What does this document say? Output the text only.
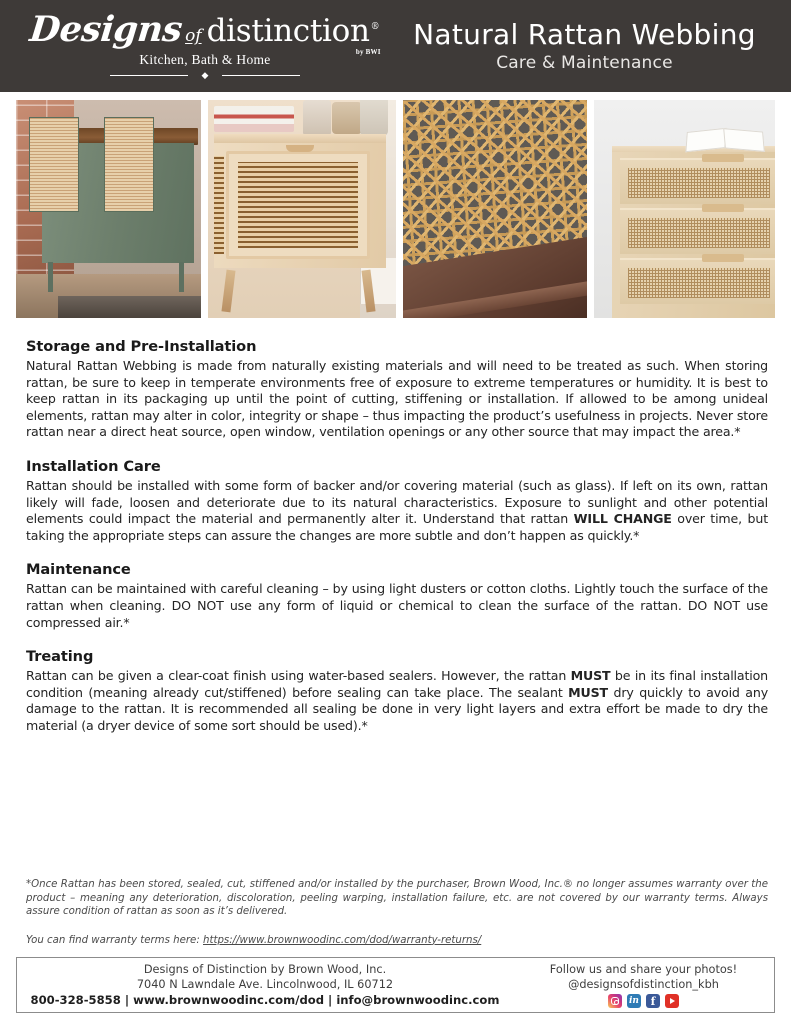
Designs of distinction ®
by BWI
Kitchen, Bath & Home
◆
Natural Rattan Webbing
Care & Maintenance
Storage and Pre-Installation
Natural Rattan Webbing is made from naturally existing materials and will need to be treated as such. When storing rattan, be sure to keep in temperate environments free of exposure to extreme temperatures or humidity. It is best to keep rattan in its packaging up until the point of cutting, stiffening or installation. If allowed to be among unideal elements, rattan may alter in color, integrity or shape – thus impacting the product’s usefulness in projects. Never store rattan near a direct heat source, open window, ventilation openings or any other source that may impact the area.*
Installation Care
Rattan should be installed with some form of backer and/or covering material (such as glass). If left on its own, rattan likely will fade, loosen and deteriorate due to its natural characteristics. Exposure to sunlight and other potential elements could impact the material and permanently alter it. Understand that rattan WILL CHANGE over time, but taking the appropriate steps can assure the changes are more subtle and don’t happen as quickly.*
Maintenance
Rattan can be maintained with careful cleaning – by using light dusters or cotton cloths. Lightly touch the surface of the rattan when cleaning. DO NOT use any form of liquid or chemical to clean the surface of the rattan. DO NOT use compressed air.*
Treating
Rattan can be given a clear-coat finish using water-based sealers. However, the rattan MUST be in its final installation condition (meaning already cut/stiffened) before sealing can take place. The sealant MUST dry quickly to avoid any damage to the rattan. It is recommended all sealing be done in very light layers and extra effort be made to dry the material (a dryer device of some sort should be used).*
*Once Rattan has been stored, sealed, cut, stiffened and/or installed by the purchaser, Brown Wood, Inc.® no longer assumes warranty over the product – meaning any deterioration, discoloration, peeling warping, installation failure, etc. are not covered by our warranty terms. Always assure condition of rattan as soon as it’s delivered.
You can find warranty terms here: https://www.brownwoodinc.com/dod/warranty-returns/
Designs of Distinction by Brown Wood, Inc.
7040 N Lawndale Ave. Lincolnwood, IL 60712
800-328-5858 | www.brownwoodinc.com/dod | info@brownwoodinc.com
Follow us and share your photos!
@designsofdistinction_kbh
in	f
